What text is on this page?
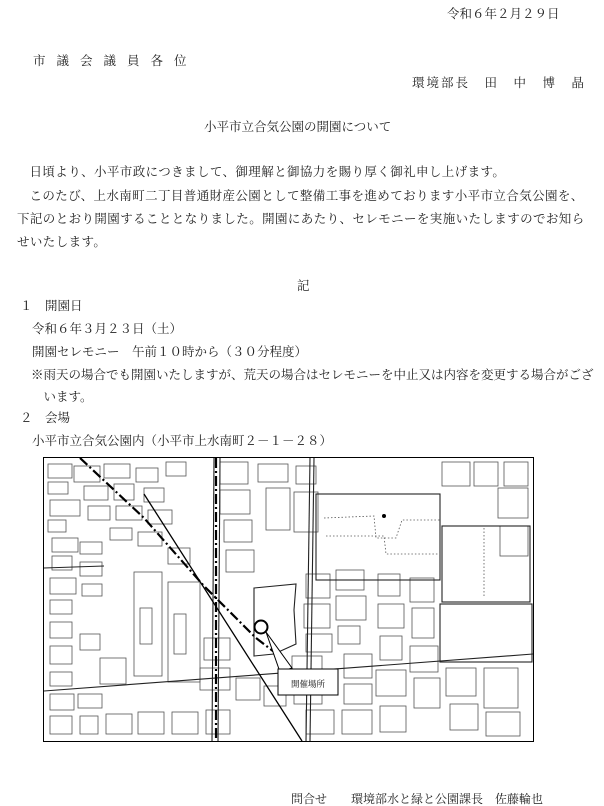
令和６年２月２９日
市議会議員各位
環境部長　田　中　博　晶
小平市立合気公園の開園について
日頃より、小平市政につきまして、御理解と御協力を賜り厚く御礼申し上げます。
このたび、上水南町二丁目普通財産公園として整備工事を進めております小平市立合気公園を、下記のとおり開園することとなりました。開園にあたり、セレモニーを実施いたしますのでお知らせいたします。
記
１　開園日
令和６年３月２３日（土）
開園セレモニー　午前１０時から（３０分程度）
※雨天の場合でも開園いたしますが、荒天の場合はセレモニーを中止又は内容を変更する場合がございます。
２　会場
小平市立合気公園内（小平市上水南町２－１－２８）
開催場所
問合せ　　環境部水と緑と公園課長　佐藤輪也
